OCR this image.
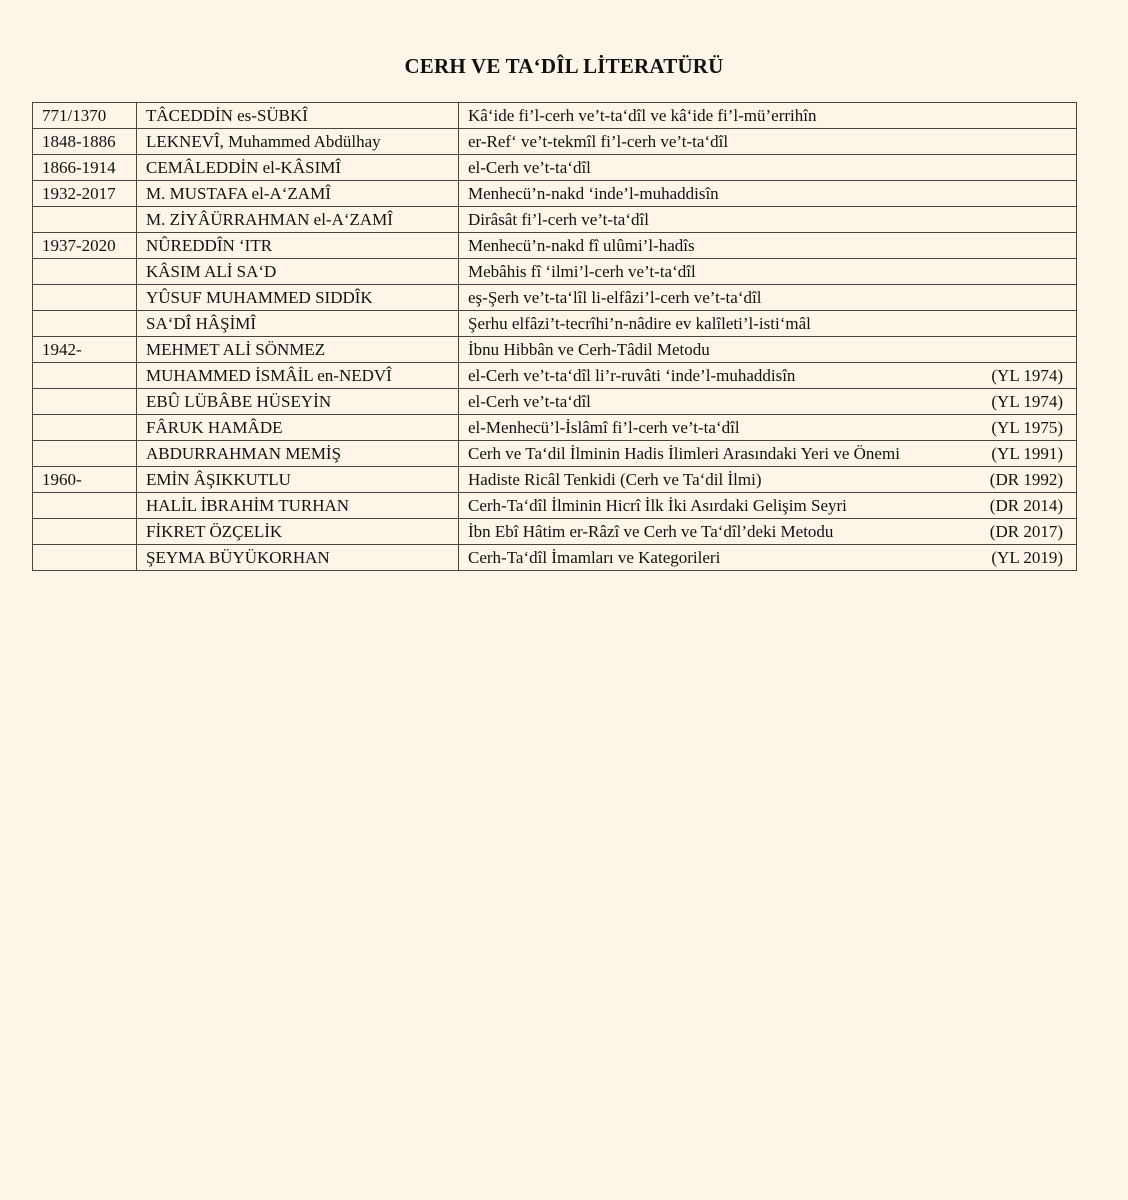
CERH VE TA‘DÎL LİTERATÜRÜ
771/1370	TÂCEDDİN es-SÜBKÎ	Kâ‘ide fi’l-cerh ve’t-ta‘dîl ve kâ‘ide fi’l-mü’errihîn
1848-1886	LEKNEVÎ, Muhammed Abdülhay	er-Ref‘ ve’t-tekmîl fi’l-cerh ve’t-ta‘dîl
1866-1914	CEMÂLEDDİN el-KÂSIMÎ	el-Cerh ve’t-ta‘dîl
1932-2017	M. MUSTAFA el-A‘ZAMÎ	Menhecü’n-nakd ‘inde’l-muhaddisîn
	M. ZİYÂÜRRAHMAN el-A‘ZAMÎ	Dirâsât fi’l-cerh ve’t-ta‘dîl
1937-2020	NÛREDDÎN ‘ITR	Menhecü’n-nakd fî ulûmi’l-hadîs
	KÂSIM ALİ SA‘D	Mebâhis fî ‘ilmi’l-cerh ve’t-ta‘dîl
	YÛSUF MUHAMMED SIDDÎK	eş-Şerh ve’t-ta‘lîl li-elfâzi’l-cerh ve’t-ta‘dîl
	SA‘DÎ HÂŞİMÎ	Şerhu elfâzi’t-tecrîhi’n-nâdire ev kalîleti’l-isti‘mâl
1942-	MEHMET ALİ SÖNMEZ	İbnu Hibbân ve Cerh-Tâdil Metodu
	MUHAMMED İSMÂİL en-NEDVÎ	el-Cerh ve’t-ta‘dîl li’r-ruvâti ‘inde’l-muhaddisîn (YL 1974)

	EBÛ LÜBÂBE HÜSEYİN	el-Cerh ve’t-ta‘dîl (YL 1974)

	FÂRUK HAMÂDE	el-Menhecü’l-İslâmî fi’l-cerh ve’t-ta‘dîl (YL 1975)

	ABDURRAHMAN MEMİŞ	Cerh ve Ta‘dil İlminin Hadis İlimleri Arasındaki Yeri ve Önemi (YL 1991)

1960-	EMİN ÂŞIKKUTLU	Hadiste Ricâl Tenkidi (Cerh ve Ta‘dil İlmi) (DR 1992)

	HALİL İBRAHİM TURHAN	Cerh-Ta‘dîl İlminin Hicrî İlk İki Asırdaki Gelişim Seyri (DR 2014)

	FİKRET ÖZÇELİK	İbn Ebî Hâtim er-Râzî ve Cerh ve Ta‘dîl’deki Metodu (DR 2017)

	ŞEYMA BÜYÜKORHAN	Cerh-Ta‘dîl İmamları ve Kategorileri (YL 2019)
